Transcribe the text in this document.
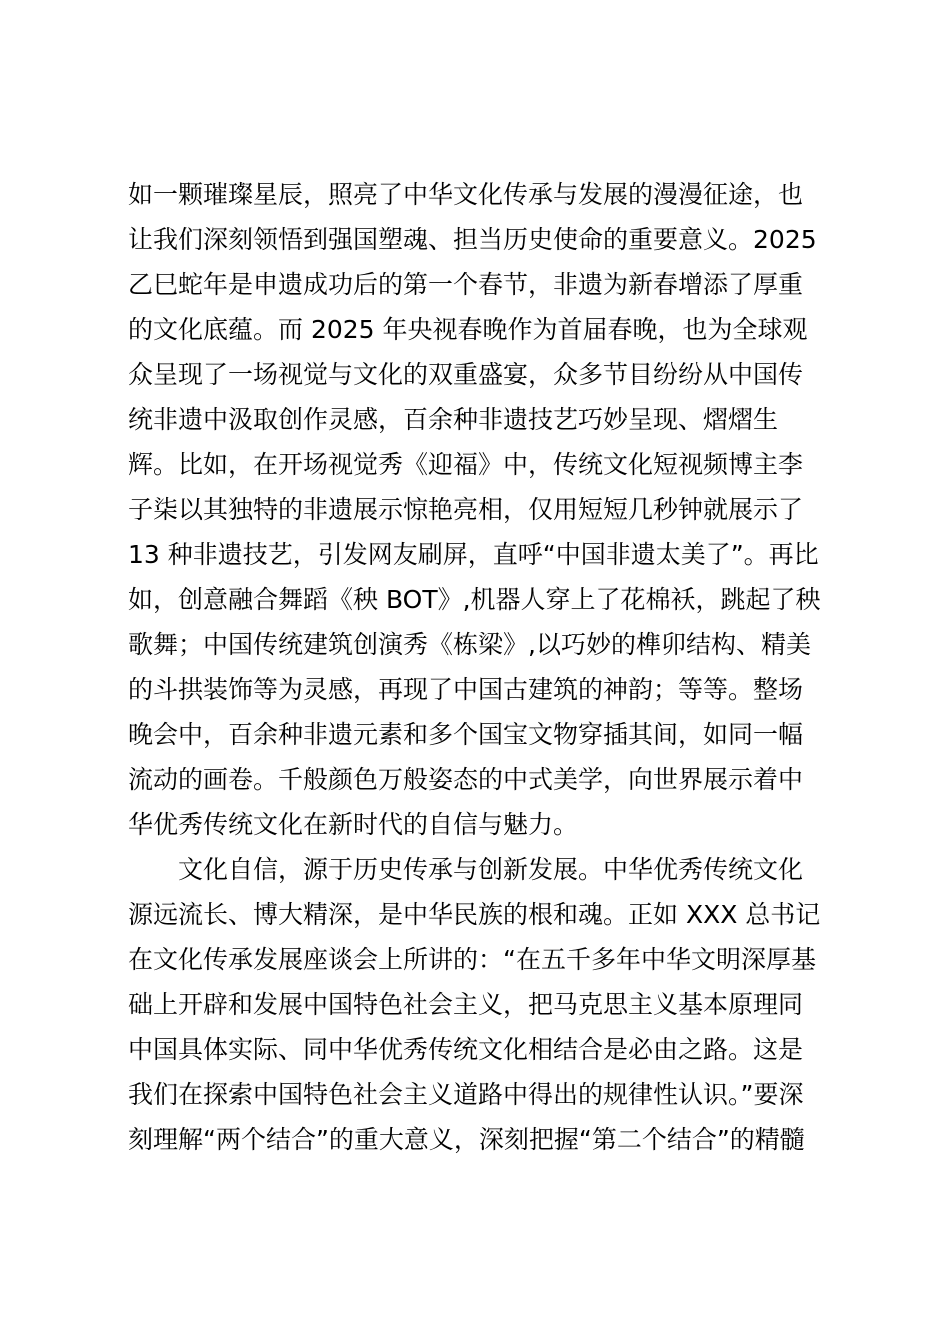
如一颗璀璨星辰，照亮了中华文化传承与发展的漫漫征途，也
让我们深刻领悟到强国塑魂、担当历史使命的重要意义。2025
乙巳蛇年是申遗成功后的第一个春节，非遗为新春增添了厚重
的文化底蕴。而 2025 年央视春晚作为首届春晚，也为全球观
众呈现了一场视觉与文化的双重盛宴，众多节目纷纷从中国传
统非遗中汲取创作灵感，百余种非遗技艺巧妙呈现、熠熠生
辉。比如，在开场视觉秀《迎福》中，传统文化短视频博主李
子柒以其独特的非遗展示惊艳亮相，仅用短短几秒钟就展示了
13 种非遗技艺，引发网友刷屏，直呼“中国非遗太美了”。再比
如，创意融合舞蹈《秧 BOT》,机器人穿上了花棉袄，跳起了秧
歌舞；中国传统建筑创演秀《栋梁》,以巧妙的榫卯结构、精美
的斗拱装饰等为灵感，再现了中国古建筑的神韵；等等。整场
晚会中，百余种非遗元素和多个国宝文物穿插其间，如同一幅
流动的画卷。千般颜色万般姿态的中式美学，向世界展示着中
华优秀传统文化在新时代的自信与魅力。
文化自信，源于历史传承与创新发展。中华优秀传统文化
源远流长、博大精深，是中华民族的根和魂。正如 XXX 总书记
在文化传承发展座谈会上所讲的：“在五千多年中华文明深厚基
础上开辟和发展中国特色社会主义，把马克思主义基本原理同
中国具体实际、同中华优秀传统文化相结合是必由之路。这是
我们在探索中国特色社会主义道路中得出的规律性认识。”要深
刻理解“两个结合”的重大意义，深刻把握“第二个结合”的精髓
